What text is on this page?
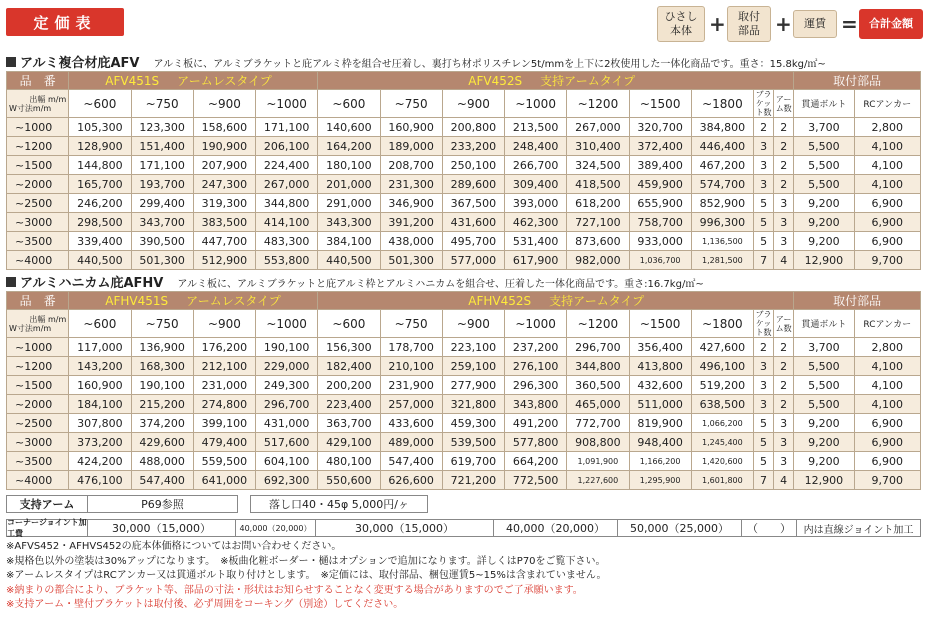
定価表	ひさし
本体 + 取付
部品 +	運賃 =	合計金額
アルミ複合材庇AFV アルミ板に、アルミブラケットと庇アルミ枠を組合せ圧着し、裏打ち材ポリスチレン5t/mmを上下に2枚使用した一体化商品です。重さ：15.8kg/㎡~
品　番	AFV451S アームレスタイプ				AFV452S 支持アームタイプ									取付部品	

出幅 m/m
W寸法m/m	~600	~750	~900	~1000	~600	~750	~900	~1000	~1200	~1500	~1800	ブラケット数	アーム数	貫通ボルト	RCアンカー
~1000	105,300	123,300	158,600	171,100	140,600	160,900	200,800	213,500	267,000	320,700	384,800	2	2	3,700	2,800
~1200	128,900	151,400	190,900	206,100	164,200	189,000	233,200	248,400	310,400	372,400	446,400	3	2	5,500	4,100
~1500	144,800	171,100	207,900	224,400	180,100	208,700	250,100	266,700	324,500	389,400	467,200	3	2	5,500	4,100
~2000	165,700	193,700	247,300	267,000	201,000	231,300	289,600	309,400	418,500	459,900	574,700	3	2	5,500	4,100
~2500	246,200	299,400	319,300	344,800	291,000	346,900	367,500	393,000	618,200	655,900	852,900	5	3	9,200	6,900
~3000	298,500	343,700	383,500	414,100	343,300	391,200	431,600	462,300	727,100	758,700	996,300	5	3	9,200	6,900
~3500	339,400	390,500	447,700	483,300	384,100	438,000	495,700	531,400	873,600	933,000	1,136,500	5	3	9,200	6,900
~4000	440,500	501,300	512,900	553,800	440,500	501,300	577,000	617,900	982,000	1,036,700	1,281,500	7	4	12,900	9,700
アルミハニカム庇AFHV アルミ板に、アルミブラケットと庇アルミ枠とアルミハニカムを組合せ、圧着した一体化商品です。重さ:16.7kg/㎡~
品　番	AFHV451S アームレスタイプ				AFHV452S 支持アームタイプ									取付部品	

出幅 m/m
W寸法m/m	~600	~750	~900	~1000	~600	~750	~900	~1000	~1200	~1500	~1800	ブラケット数	アーム数	貫通ボルト	RCアンカー
~1000	117,000	136,900	176,200	190,100	156,300	178,700	223,100	237,200	296,700	356,400	427,600	2	2	3,700	2,800
~1200	143,200	168,300	212,100	229,000	182,400	210,100	259,100	276,100	344,800	413,800	496,100	3	2	5,500	4,100
~1500	160,900	190,100	231,000	249,300	200,200	231,900	277,900	296,300	360,500	432,600	519,200	3	2	5,500	4,100
~2000	184,100	215,200	274,800	296,700	223,400	257,000	321,800	343,800	465,000	511,000	638,500	3	2	5,500	4,100
~2500	307,800	374,200	399,100	431,000	363,700	433,600	459,300	491,200	772,700	819,900	1,066,200	5	3	9,200	6,900
~3000	373,200	429,600	479,400	517,600	429,100	489,000	539,500	577,800	908,800	948,400	1,245,400	5	3	9,200	6,900
~3500	424,200	488,000	559,500	604,100	480,100	547,400	619,700	664,200	1,091,900	1,166,200	1,420,600	5	3	9,200	6,900
~4000	476,100	547,400	641,000	692,300	550,600	626,600	721,200	772,500	1,227,600	1,295,900	1,601,800	7	4	12,900	9,700
支持アーム	P69参照	落し口40・45φ 5,000円/ヶ
コーナージョイント加工費	30,000（15,000）	40,000（20,000）	30,000（15,000）	40,000（20,000）	50,000（25,000）	（　　）	内は直線ジョイント加工
※AFVS452・AFHVS452の庇本体価格についてはお問い合わせください。
※規格色以外の塗装は30%アップになります。　※板曲化粧ボーダー・樋はオプションで追加になります。詳しくはP70をご覧下さい。
※アームレスタイプはRCアンカー又は貫通ボルト取り付けとします。　※定価には、取付部品、梱包運賃5~15%は含まれていません。
※納まりの都合により、ブラケット等、部品の寸法・形状はお知らせすることなく変更する場合がありますのでご了承願います。
※支持アーム・壁付ブラケットは取付後、必ず周囲をコーキング（別途）してください。
